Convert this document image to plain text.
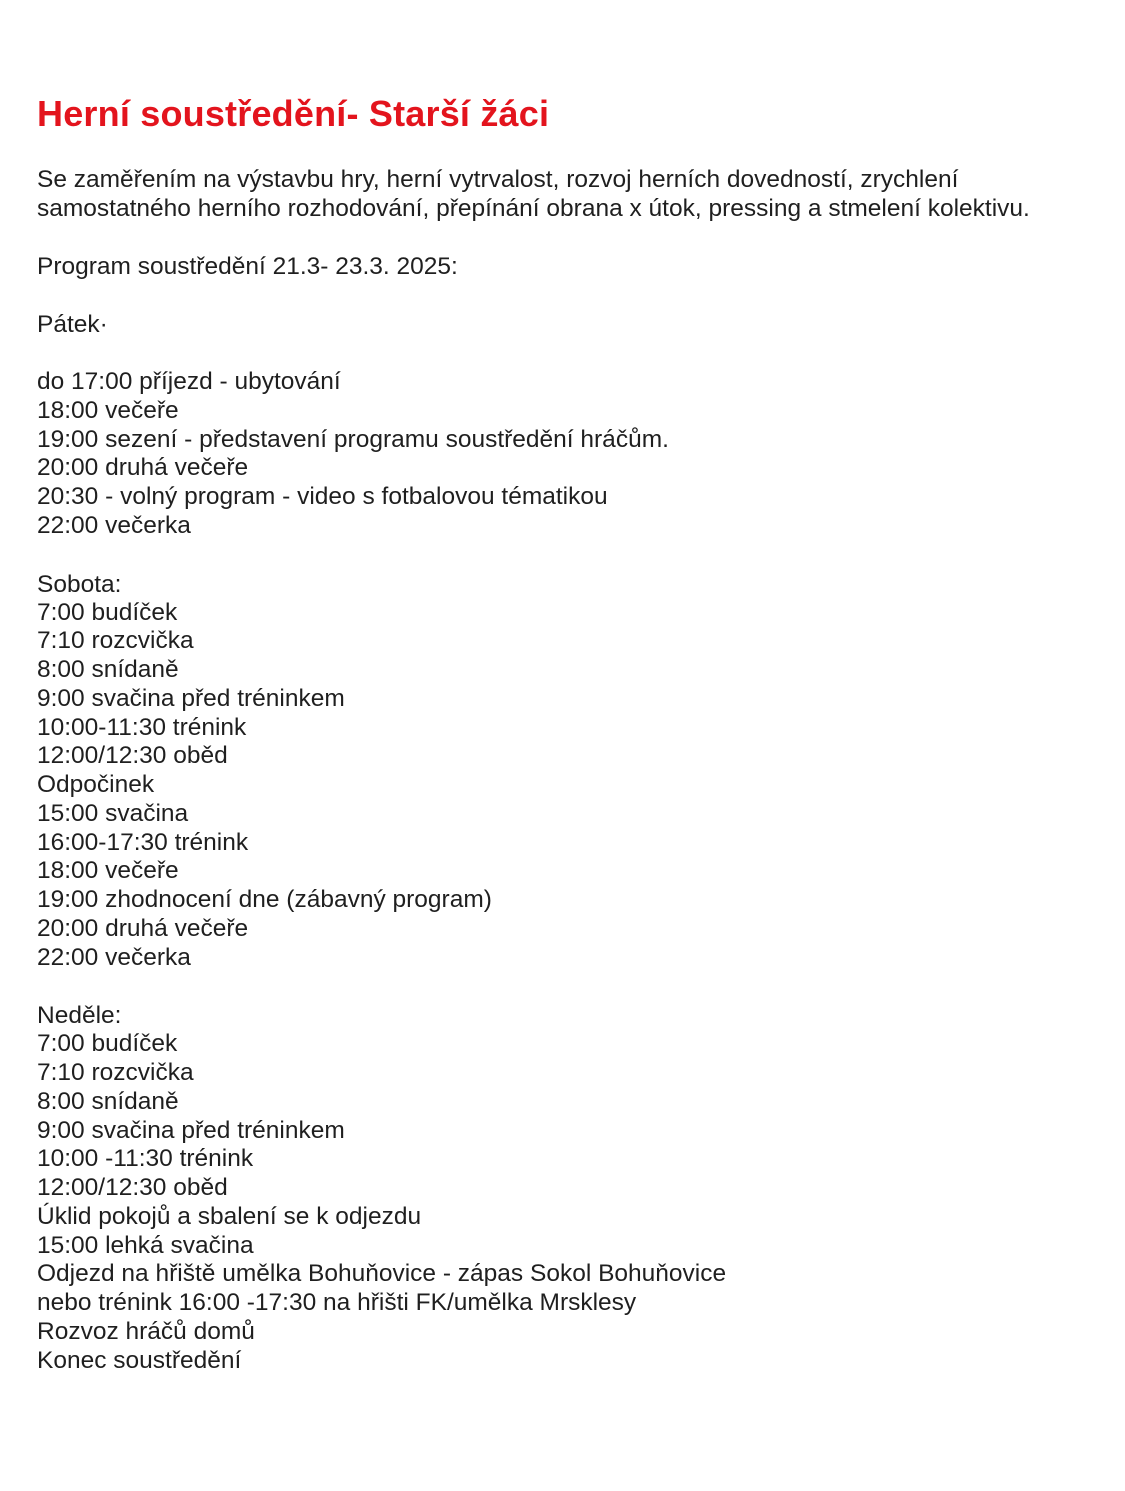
Herní soustředění- Starší žáci

Se zaměřením na výstavbu hry, herní vytrvalost, rozvoj herních dovedností, zrychlení samostatného herního rozhodování, přepínání obrana x útok, pressing a stmelení kolektivu.

Program soustředění 21.3- 23.3. 2025:

Pátek·
do 17:00 příjezd - ubytování
18:00 večeře
19:00 sezení - představení programu soustředění hráčům.
20:00 druhá večeře
20:30 - volný program - video s fotbalovou tématikou
22:00 večerka
Sobota:
7:00 budíček
7:10 rozcvička
8:00 snídaně
9:00 svačina před tréninkem
10:00-11:30 trénink
12:00/12:30 oběd
Odpočinek
15:00 svačina
16:00-17:30 trénink
18:00 večeře
19:00 zhodnocení dne (zábavný program)
20:00 druhá večeře
22:00 večerka
Neděle:
7:00 budíček
7:10 rozcvička
8:00 snídaně
9:00 svačina před tréninkem
10:00 -11:30 trénink
12:00/12:30 oběd
Úklid pokojů a sbalení se k odjezdu
15:00 lehká svačina
Odjezd na hřiště umělka Bohuňovice - zápas Sokol Bohuňovice
nebo trénink 16:00 -17:30 na hřišti FK/umělka Mrsklesy
Rozvoz hráčů domů
Konec soustředění
